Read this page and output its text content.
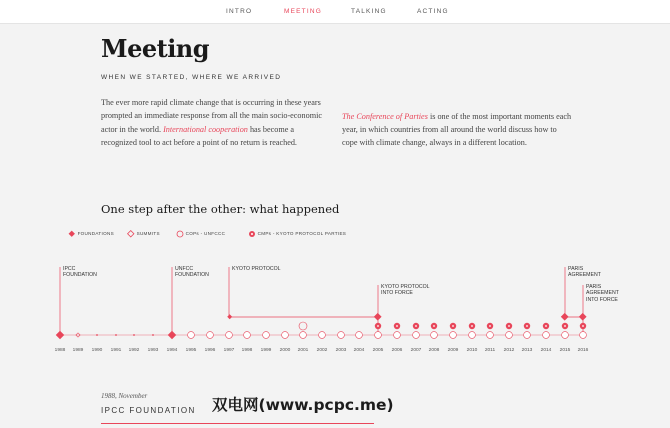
INTRO	MEETING	TALKING	ACTING
Meeting
WHEN WE STARTED, WHERE WE ARRIVED

The ever more rapid climate change that is occurring in these years prompted an immediate response from all the main socio-economic actor in the world. International cooperation has become a recognized tool to act before a point of no return is reached.

The Conference of Parties is one of the most important moments each year, in which countries from all around the world discuss how to cope with climate change, always in a different location.

One step after the other: what happened
FOUNDATIONS	SUMMITS	COPs - UNFCCC	CMPs - KYOTO PROTOCOL PARTIES
IPCC
FOUNDATION
UNFCC
FOUNDATION
KYOTO PROTOCOL
KYOTO PROTOCOL
INTO FORCE
PARIS
AGREEMENT
PARIS
AGREEMENT
INTO FORCE
1988	1989	1990	1991	1992	1993	1994	1995	1996	1997	1998	1999	2000	2001	2002	2003	2004	2005	2006	2007	2008	2009	2010	2011	2012	2013	2014	2015	2016
1988, November
IPCC FOUNDATION 双电网(www.pcpc.me)
